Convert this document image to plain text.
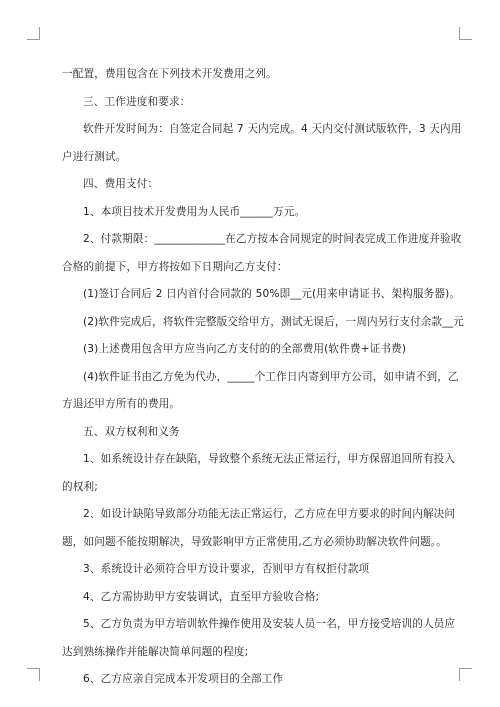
一配置，费用包含在下列技术开发费用之列。
三、工作进度和要求：
软件开发时间为：自签定合同起 7 天内完成。4 天内交付测试版软件，3 天内用
户进行测试。
四、费用支付：
1、本项目技术开发费用为人民币______万元。
2、付款期限：_____________在乙方按本合同规定的时间表完成工作进度并验收
合格的前提下，甲方将按如下日期向乙方支付：
(1)签订合同后 2 日内首付合同款的 50%即__元(用来申请证书、架构服务器)。
(2)软件完成后，将软件完整版交给甲方，测试无误后，一周内另行支付余款__元
(3)上述费用包含甲方应当向乙方支付的的全部费用(软件费+证书费)
(4)软件证书由乙方免为代办，_____个工作日内寄到甲方公司，如申请不到，乙
方退还甲方所有的费用。
五、双方权利和义务
1、如系统设计存在缺陷，导致整个系统无法正常运行，甲方保留追回所有投入
的权利;
2、如设计缺陷导致部分功能无法正常运行，乙方应在甲方要求的时间内解决问
题，如问题不能按期解决，导致影响甲方正常使用,乙方必须协助解决软件问题。。
3、系统设计必须符合甲方设计要求，否则甲方有权拒付款项
4、乙方需协助甲方安装调试，直至甲方验收合格;
5、乙方负责为甲方培训软件操作使用及安装人员一名，甲方接受培训的人员应
达到熟练操作并能解决简单问题的程度;
6、乙方应亲自完成本开发项目的全部工作
